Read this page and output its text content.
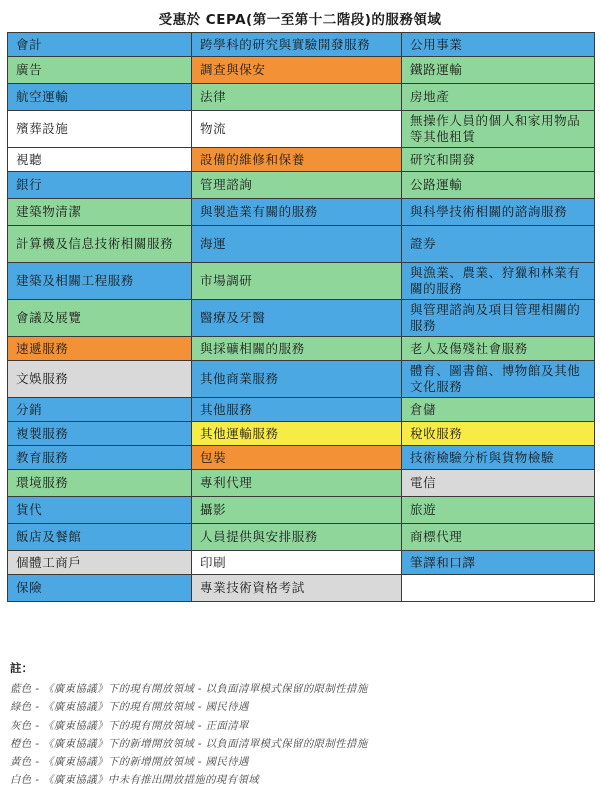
受惠於 CEPA(第一至第十二階段)的服務領域
會計	跨學科的研究與實驗開發服務	公用事業
廣告	調查與保安	鐵路運輸
航空運輸	法律	房地產
殯葬設施	物流	無操作人員的個人和家用物品等其他租賃
視聽	設備的維修和保養	研究和開發
銀行	管理諮詢	公路運輸
建築物清潔	與製造業有關的服務	與科學技術相關的諮詢服務
計算機及信息技術相關服務	海運	證券
建築及相關工程服務	市場調研	與漁業、農業、狩獵和林業有關的服務
會議及展覽	醫療及牙醫	與管理諮詢及項目管理相關的服務
速遞服務	與採礦相關的服務	老人及傷殘社會服務
文娛服務	其他商業服務	體育、圖書館、博物館及其他文化服務
分銷	其他服務	倉儲
複製服務	其他運輸服務	稅收服務
教育服務	包裝	技術檢驗分析與貨物檢驗
環境服務	專利代理	電信
貨代	攝影	旅遊
飯店及餐館	人員提供與安排服務	商標代理
個體工商戶	印刷	筆譯和口譯
保險	專業技術資格考試	
註：
藍色 - 《廣東協議》下的現有開放領域 - 以負面清單模式保留的限制性措施
綠色 - 《廣東協議》下的現有開放領域 - 國民待遇
灰色 - 《廣東協議》下的現有開放領域 - 正面清單
橙色 - 《廣東協議》下的新增開放領域 - 以負面清單模式保留的限制性措施
黃色 - 《廣東協議》下的新增開放領域 - 國民待遇
白色 - 《廣東協議》中未有推出開放措施的現有領域
